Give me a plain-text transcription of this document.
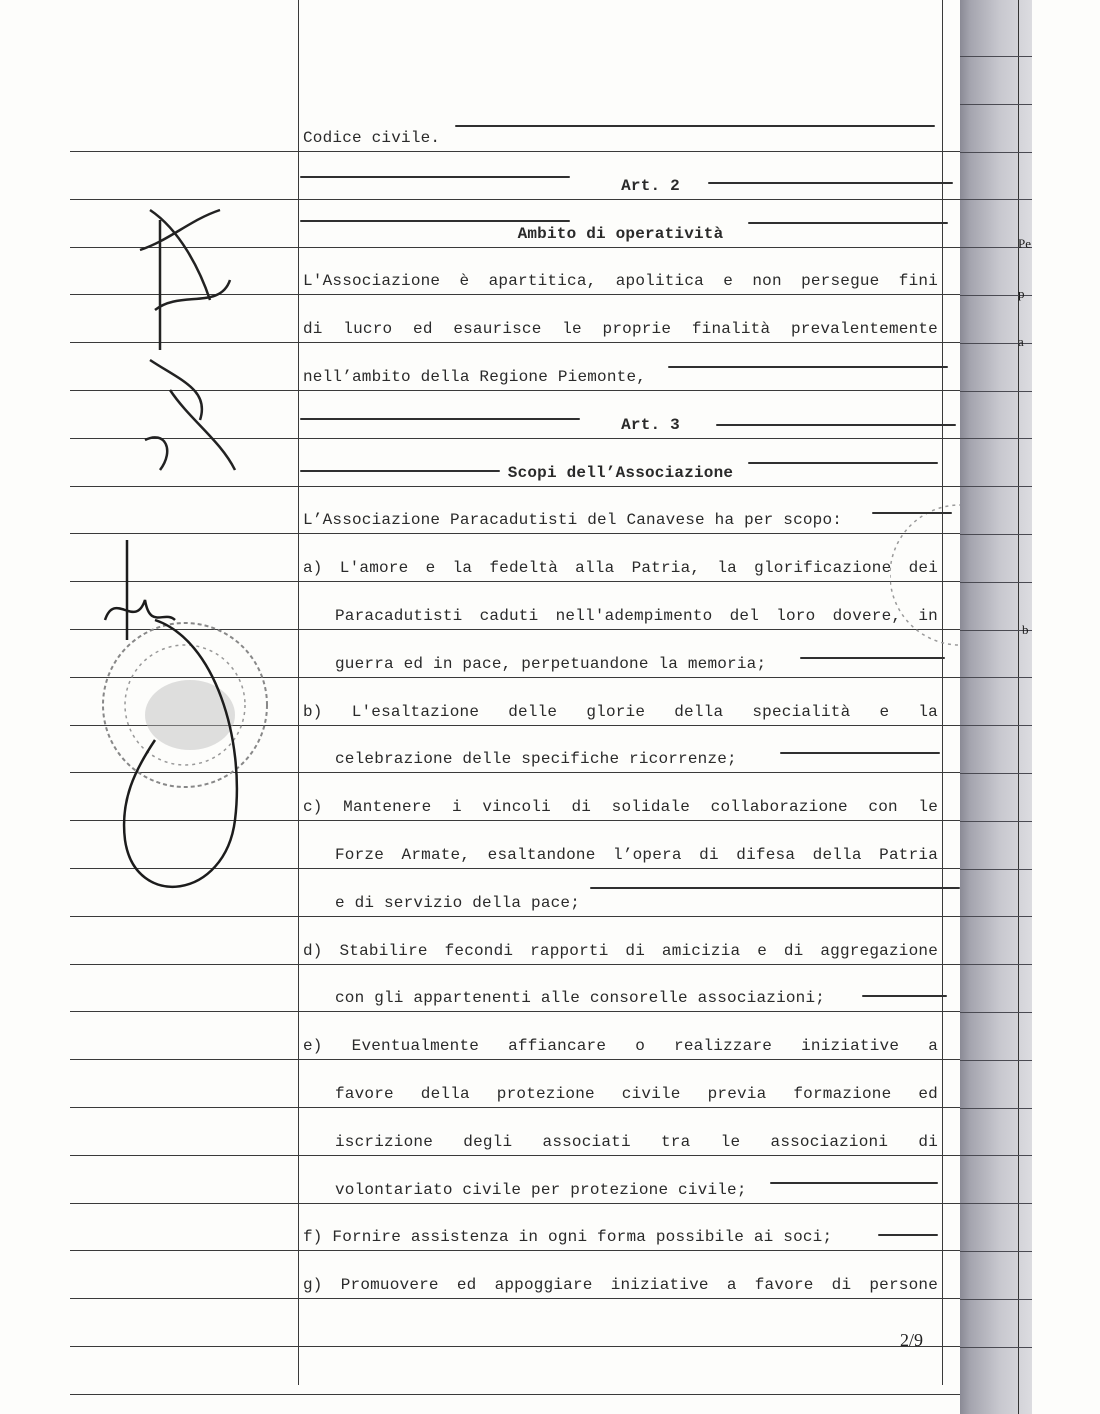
Codice civile.
Art. 2
Ambito di operatività
L'Associazione è apartitica, apolitica e non persegue fini
di lucro ed esaurisce le proprie finalità prevalentemente
nell’ambito della Regione Piemonte,
Art. 3
Scopi dell’Associazione
L’Associazione Paracadutisti del Canavese ha per scopo:
a) L'amore e la fedeltà alla Patria, la glorificazione dei
Paracadutisti caduti nell'adempimento del loro dovere, in
guerra ed in pace, perpetuandone la memoria;
b) L'esaltazione delle glorie della specialità e la
celebrazione delle specifiche ricorrenze;
c) Mantenere i vincoli di solidale collaborazione con le
Forze Armate, esaltandone l’opera di difesa della Patria
e di servizio della pace;
d) Stabilire fecondi rapporti di amicizia e di aggregazione
con gli appartenenti alle consorelle associazioni;
e) Eventualmente affiancare o realizzare iniziative a
favore della protezione civile previa formazione ed
iscrizione degli associati tra le associazioni di
volontariato civile per protezione civile;
f) Fornire assistenza in ogni forma possibile ai soci;
g) Promuovere ed appoggiare iniziative a favore di persone
Pe
p
a
b
2/9
